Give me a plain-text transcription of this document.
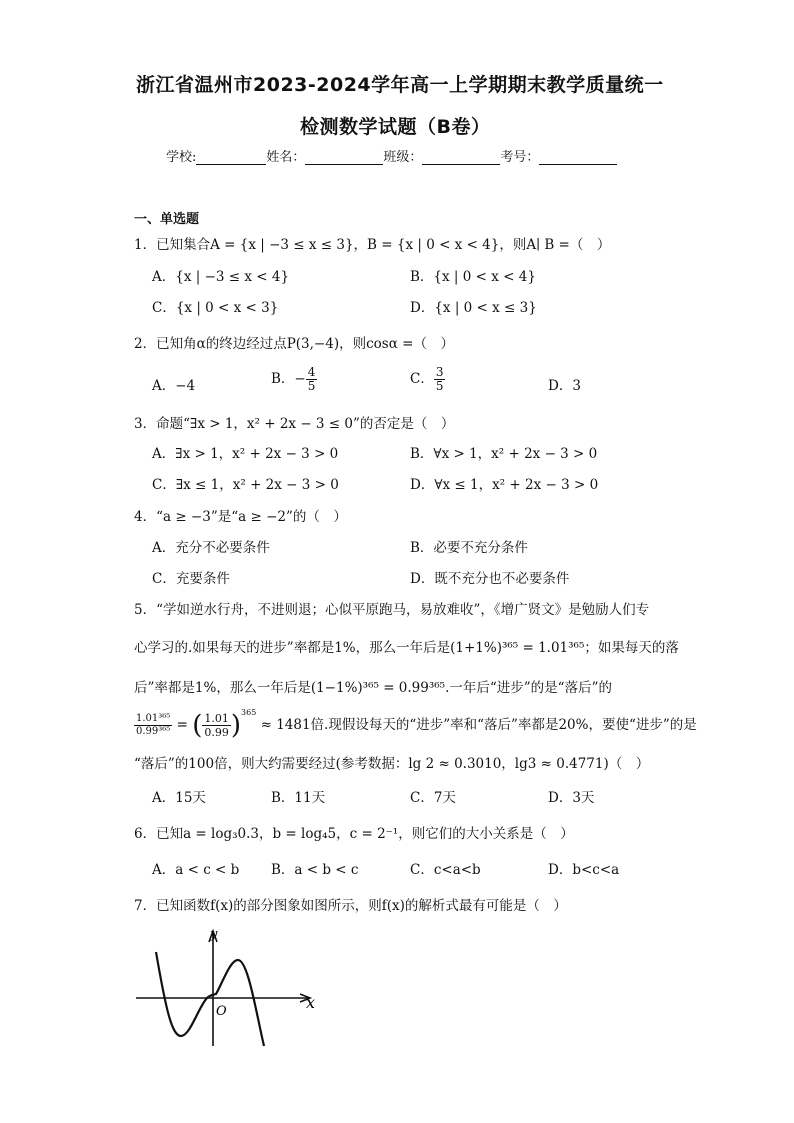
浙江省温州市2023-2024学年高一上学期期末教学质量统一
检测数学试题（B卷）
学校:	姓名：	班级：	考号：
一、单选题
1．已知集合A = {x | −3 ≤ x ≤ 3}，B = {x | 0 < x < 4}，则A∣ B =（　）
A．{x | −3 ≤ x < 4}	B．{x | 0 < x < 4}
C．{x | 0 < x < 3}	D．{x | 0 < x ≤ 3}
2．已知角α的终边经过点P(3,−4)，则cosα =（　）
A．−4	B．− $\frac{4}{5}$	C． $\frac{3}{5}$	D．3
3．命题“∃x > 1，x² + 2x − 3 ≤ 0”的否定是（　）
A．∃x > 1，x² + 2x − 3 > 0	B．∀x > 1，x² + 2x − 3 > 0
C．∃x ≤ 1，x² + 2x − 3 > 0	D．∀x ≤ 1，x² + 2x − 3 > 0
4．“a ≥ −3”是“a ≥ −2”的（　）
A．充分不必要条件	B．必要不充分条件
C．充要条件	D．既不充分也不必要条件
5．“学如逆水行舟，不进则退；心似平原跑马，易放难收”，《增广贤文》是勉励人们专
心学习的.如果每天的进步”率都是1%，那么一年后是(1+1%)³⁶⁵ = 1.01³⁶⁵；如果每天的落
后”率都是1%，那么一年后是(1−1%)³⁶⁵ = 0.99³⁶⁵.一年后“进步”的是“落后”的
$\frac{\text{1.01³⁶⁵}}{\text{0.99³⁶⁵}}$ = ( $\frac{1.01}{0.99} )^{365} \approx 1481$倍.现假设每天的“进步”率和“落后”率都是20%，要使“进步”的是
“落后”的100倍，则大约需要经过(参考数据：lg 2 ≈ 0.3010，lg3 ≈ 0.4771)（　）
A．15天	B．11天	C．7天	D．3天
6．已知a = log₃0.3，b = log₄5，c = 2⁻¹，则它们的大小关系是（　）
A．a < c < b B．a < b < c	C．c<a<b	D．b<c<a
7．已知函数f(x)的部分图象如图所示，则f(x)的解析式最有可能是（　）
x
y
O
